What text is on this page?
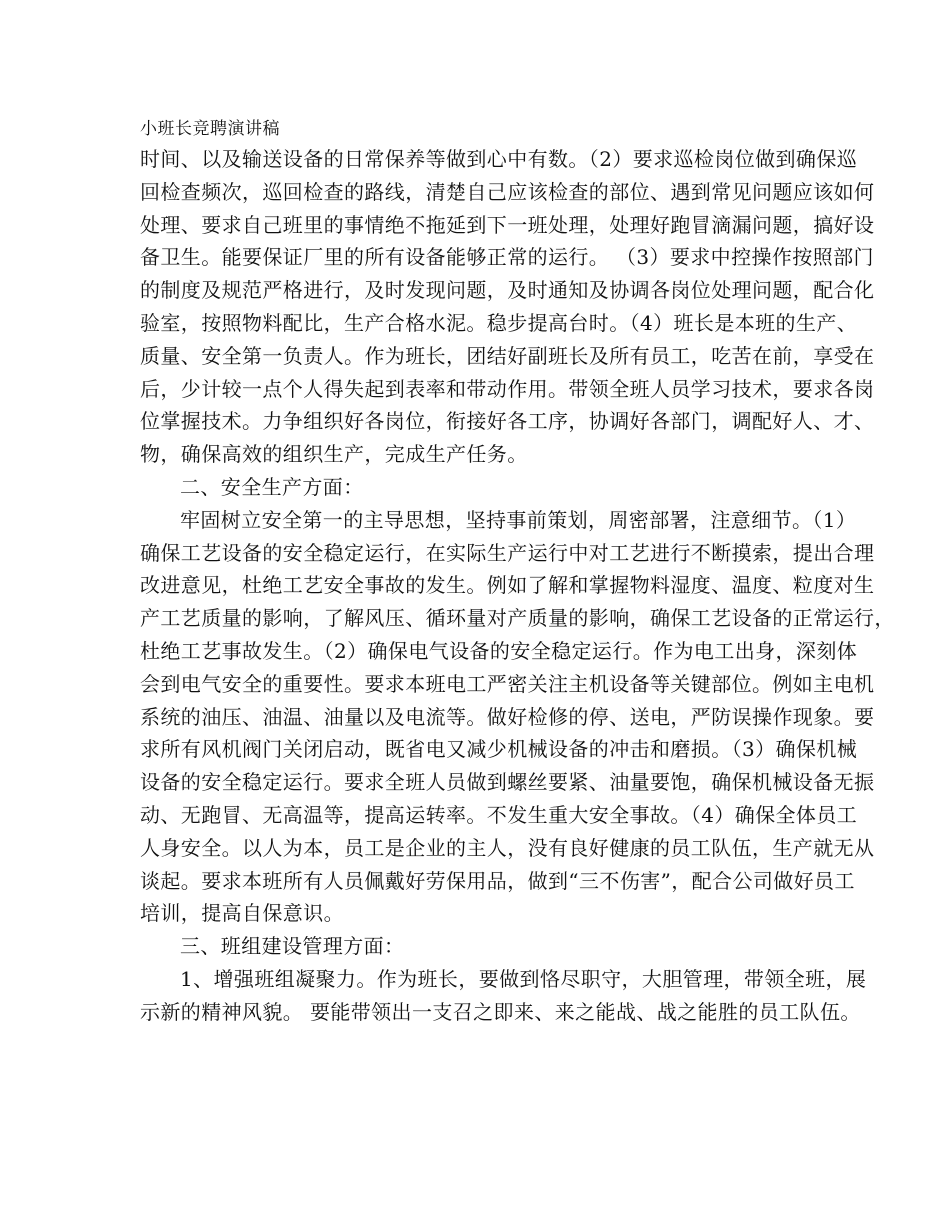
小班长竞聘演讲稿
时间、以及输送设备的日常保养等做到心中有数。（2）要求巡检岗位做到确保巡
回检查频次，巡回检查的路线，清楚自己应该检查的部位、遇到常见问题应该如何
处理、要求自己班里的事情绝不拖延到下一班处理，处理好跑冒滴漏问题，搞好设
备卫生。能要保证厂里的所有设备能够正常的运行。 （3）要求中控操作按照部门
的制度及规范严格进行，及时发现问题，及时通知及协调各岗位处理问题，配合化
验室，按照物料配比，生产合格水泥。稳步提高台时。（4）班长是本班的生产、
质量、安全第一负责人。作为班长，团结好副班长及所有员工，吃苦在前，享受在
后，少计较一点个人得失起到表率和带动作用。带领全班人员学习技术，要求各岗
位掌握技术。力争组织好各岗位，衔接好各工序，协调好各部门，调配好人、才、
物，确保高效的组织生产，完成生产任务。
二、安全生产方面：
牢固树立安全第一的主导思想，坚持事前策划，周密部署，注意细节。（1）
确保工艺设备的安全稳定运行，在实际生产运行中对工艺进行不断摸索，提出合理
改进意见，杜绝工艺安全事故的发生。例如了解和掌握物料湿度、温度、粒度对生
产工艺质量的影响，了解风压、循环量对产质量的影响，确保工艺设备的正常运行，
杜绝工艺事故发生。（2）确保电气设备的安全稳定运行。作为电工出身，深刻体
会到电气安全的重要性。要求本班电工严密关注主机设备等关键部位。例如主电机
系统的油压、油温、油量以及电流等。做好检修的停、送电，严防误操作现象。要
求所有风机阀门关闭启动，既省电又减少机械设备的冲击和磨损。（3）确保机械
设备的安全稳定运行。要求全班人员做到螺丝要紧、油量要饱，确保机械设备无振
动、无跑冒、无高温等，提高运转率。不发生重大安全事故。（4）确保全体员工
人身安全。以人为本，员工是企业的主人，没有良好健康的员工队伍，生产就无从
谈起。要求本班所有人员佩戴好劳保用品，做到“三不伤害”，配合公司做好员工
培训，提高自保意识。
三、班组建设管理方面：
1、增强班组凝聚力。作为班长，要做到恪尽职守，大胆管理，带领全班，展
示新的精神风貌。 要能带领出一支召之即来、来之能战、战之能胜的员工队伍。
